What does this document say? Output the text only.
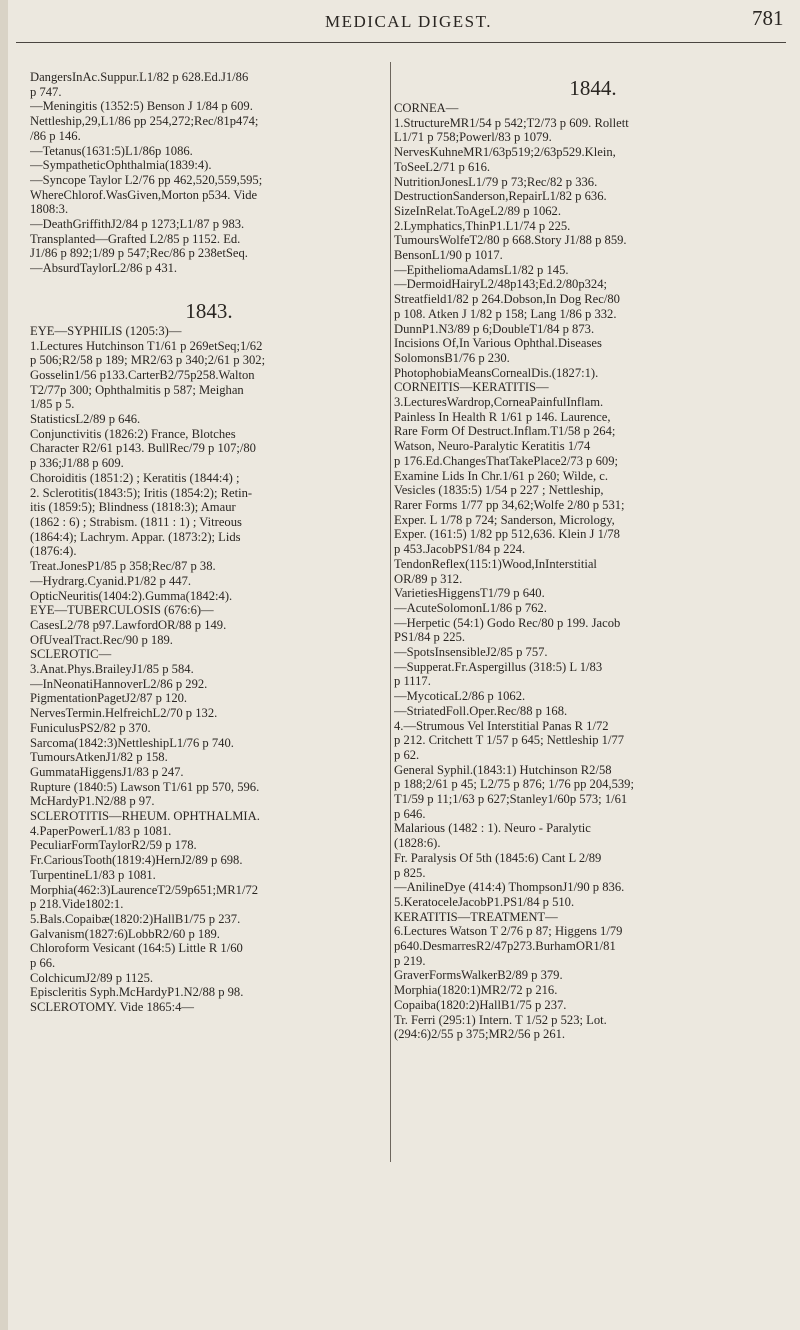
MEDICAL DIGEST.	781
DangersInAc.Suppur.L1/82 p 628.Ed.J1/86
p 747.
—Meningitis (1352:5) Benson J 1/84 p 609.
Nettleship,29,L1/86 pp 254,272;Rec/81p474;
/86 p 146.
—Tetanus(1631:5)L1/86p 1086.
—SympatheticOphthalmia(1839:4).
—Syncope Taylor L2/76 pp 462,520,559,595;
WhereChlorof.WasGiven,Morton p534. Vide
1808:3.
—DeathGriffithJ2/84 p 1273;L1/87 p 983.
Transplanted—Grafted L2/85 p 1152. Ed.
J1/86 p 892;1/89 p 547;Rec/86 p 238etSeq.
—AbsurdTaylorL2/86 p 431.
1843.
EYE—SYPHILIS (1205:3)—
1.Lectures Hutchinson T1/61 p 269etSeq;1/62
p 506;R2/58 p 189; MR2/63 p 340;2/61 p 302;
Gosselin1/56 p133.CarterB2/75p258.Walton
T2/77p 300; Ophthalmitis p 587; Meighan
1/85 p 5.
StatisticsL2/89 p 646.
Conjunctivitis (1826:2) France, Blotches
Character R2/61 p143. BullRec/79 p 107;/80
p 336;J1/88 p 609.
Choroiditis (1851:2) ; Keratitis (1844:4) ;
2. Sclerotitis(1843:5); Iritis (1854:2); Retin-
itis (1859:5); Blindness (1818:3); Amaur
(1862 : 6) ; Strabism. (1811 : 1) ; Vitreous
(1864:4); Lachrym. Appar. (1873:2); Lids
(1876:4).
Treat.JonesP1/85 p 358;Rec/87 p 38.
—Hydrarg.Cyanid.P1/82 p 447.
OpticNeuritis(1404:2).Gumma(1842:4).
EYE—TUBERCULOSIS (676:6)—
CasesL2/78 p97.LawfordOR/88 p 149.
OfUvealTract.Rec/90 p 189.
SCLEROTIC—
3.Anat.Phys.BraileyJ1/85 p 584.
—InNeonatiHannoverL2/86 p 292.
PigmentationPagetJ2/87 p 120.
NervesTermin.HelfreichL2/70 p 132.
FuniculusPS2/82 p 370.
Sarcoma(1842:3)NettleshipL1/76 p 740.
TumoursAtkenJ1/82 p 158.
GummataHiggensJ1/83 p 247.
Rupture (1840:5) Lawson T1/61 pp 570, 596.
McHardyP1.N2/88 p 97.
SCLEROTITIS—RHEUM. OPHTHALMIA.
4.PaperPowerL1/83 p 1081.
PeculiarFormTaylorR2/59 p 178.
Fr.CariousTooth(1819:4)HernJ2/89 p 698.
TurpentineL1/83 p 1081.
Morphia(462:3)LaurenceT2/59p651;MR1/72
p 218.Vide1802:1.
5.Bals.Copaibæ(1820:2)HallB1/75 p 237.
Galvanism(1827:6)LobbR2/60 p 189.
Chloroform Vesicant (164:5) Little R 1/60
p 66.
ColchicumJ2/89 p 1125.
Episcleritis Syph.McHardyP1.N2/88 p 98.
SCLEROTOMY. Vide 1865:4—
1844.
CORNEA—
1.StructureMR1/54 p 542;T2/73 p 609. Rollett
L1/71 p 758;Powerl/83 p 1079.
NervesKuhneMR1/63p519;2/63p529.Klein,
ToSeeL2/71 p 616.
NutritionJonesL1/79 p 73;Rec/82 p 336.
DestructionSanderson,RepairL1/82 p 636.
SizeInRelat.ToAgeL2/89 p 1062.
2.Lymphatics,ThinP1.L1/74 p 225.
TumoursWolfeT2/80 p 668.Story J1/88 p 859.
BensonL1/90 p 1017.
—EpitheliomaAdamsL1/82 p 145.
—DermoidHairyL2/48p143;Ed.2/80p324;
Streatfield1/82 p 264.Dobson,In Dog Rec/80
p 108. Atken J 1/82 p 158; Lang 1/86 p 332.
DunnP1.N3/89 p 6;DoubleT1/84 p 873.
Incisions Of,In Various Ophthal.Diseases
SolomonsB1/76 p 230.
PhotophobiaMeansCornealDis.(1827:1).
CORNEITIS—KERATITIS—
3.LecturesWardrop,CorneaPainfulInflam.
Painless In Health R 1/61 p 146. Laurence,
Rare Form Of Destruct.Inflam.T1/58 p 264;
Watson, Neuro-Paralytic Keratitis 1/74
p 176.Ed.ChangesThatTakePlace2/73 p 609;
Examine Lids In Chr.1/61 p 260; Wilde, c.
Vesicles (1835:5) 1/54 p 227 ; Nettleship,
Rarer Forms 1/77 pp 34,62;Wolfe 2/80 p 531;
Exper. L 1/78 p 724; Sanderson, Micrology,
Exper. (161:5) 1/82 pp 512,636. Klein J 1/78
p 453.JacobPS1/84 p 224.
TendonReflex(115:1)Wood,InInterstitial
OR/89 p 312.
VarietiesHiggensT1/79 p 640.
—AcuteSolomonL1/86 p 762.
—Herpetic (54:1) Godo Rec/80 p 199. Jacob
PS1/84 p 225.
—SpotsInsensibleJ2/85 p 757.
—Supperat.Fr.Aspergillus (318:5) L 1/83
p 1117.
—MycoticaL2/86 p 1062.
—StriatedFoll.Oper.Rec/88 p 168.
4.—Strumous Vel Interstitial Panas R 1/72
p 212. Critchett T 1/57 p 645; Nettleship 1/77
p 62.
General Syphil.(1843:1) Hutchinson R2/58
p 188;2/61 p 45; L2/75 p 876; 1/76 pp 204,539;
T1/59 p 11;1/63 p 627;Stanley1/60p 573; 1/61
p 646.
Malarious (1482 : 1). Neuro - Paralytic
(1828:6).
Fr. Paralysis Of 5th (1845:6) Cant L 2/89
p 825.
—AnilineDye (414:4) ThompsonJ1/90 p 836.
5.KeratoceleJacobP1.PS1/84 p 510.
KERATITIS—TREATMENT—
6.Lectures Watson T 2/76 p 87; Higgens 1/79
p640.DesmarresR2/47p273.BurhamOR1/81
p 219.
GraverFormsWalkerB2/89 p 379.
Morphia(1820:1)MR2/72 p 216.
Copaiba(1820:2)HallB1/75 p 237.
Tr. Ferri (295:1) Intern. T 1/52 p 523; Lot.
(294:6)2/55 p 375;MR2/56 p 261.
